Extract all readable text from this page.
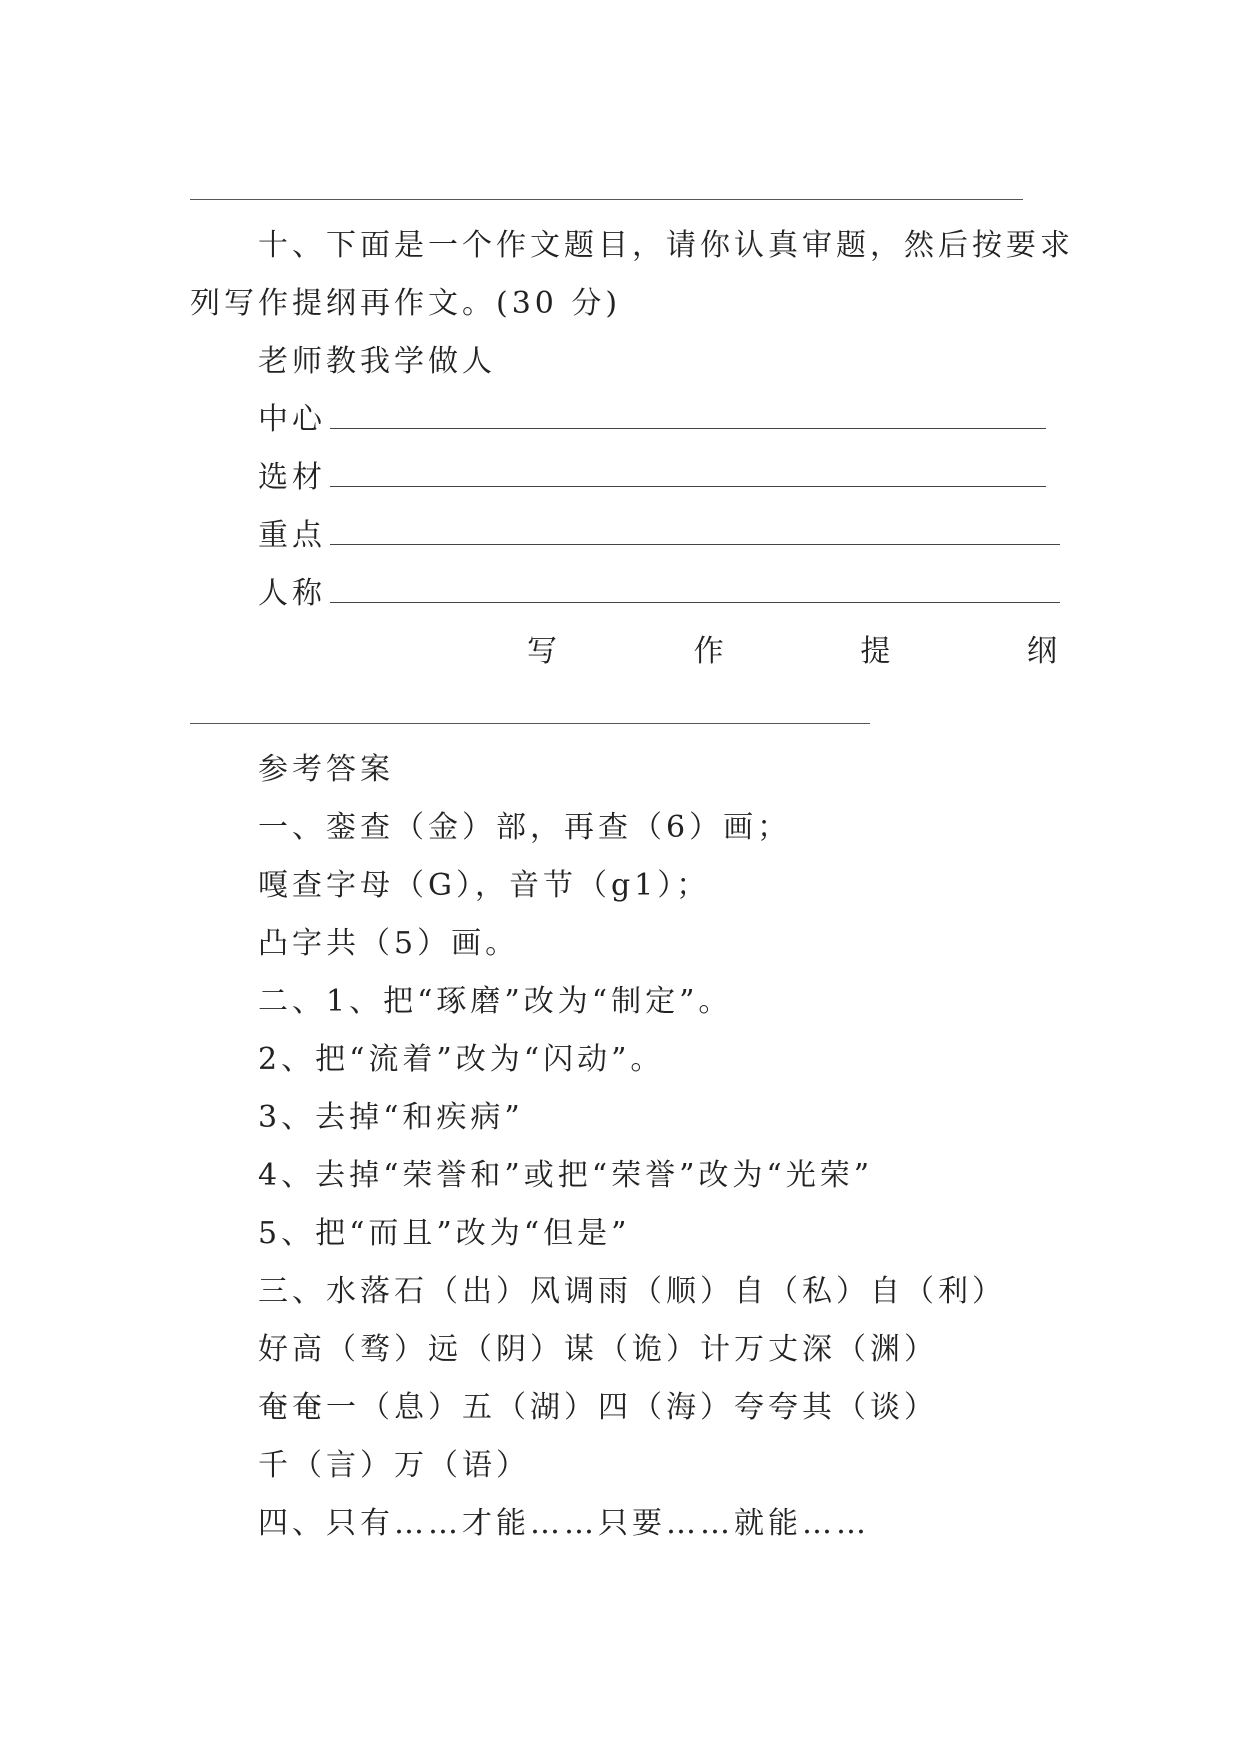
十、下面是一个作文题目，请你认真审题，然后按要求
列写作提纲再作文。(30 分)
老师教我学做人
中心
选材
重点
人称
写	作	提	纲
参考答案
一、銮查（金）部，再查（6）画；
嘎查字母（G），音节（g1）；
凸字共（5）画。
二、1、把“琢磨”改为“制定”。
2、把“流着”改为“闪动”。
3、去掉“和疾病”
4、去掉“荣誉和”或把“荣誉”改为“光荣”
5、把“而且”改为“但是”
三、水落石（出）风调雨（顺）自（私）自（利）
好高（骛）远（阴）谋（诡）计万丈深（渊）
奄奄一（息）五（湖）四（海）夸夸其（谈）
千（言）万（语）
四、只有……才能……只要……就能……
